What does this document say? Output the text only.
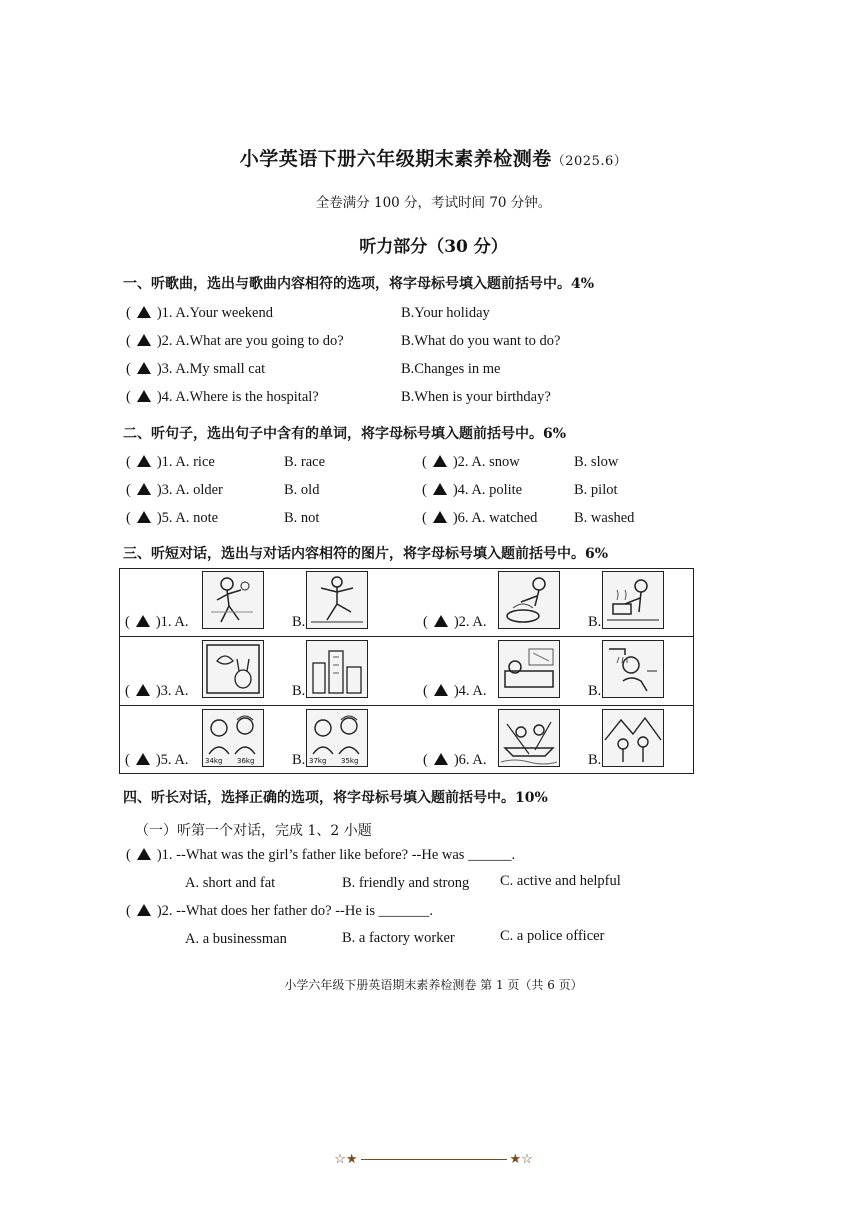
小学英语下册六年级期末素养检测卷（2025.6）
全卷满分 100 分，考试时间 70 分钟。
听力部分（30 分）
一、听歌曲，选出与歌曲内容相符的选项，将字母标号填入题前括号中。4%
( )1. A.Your weekend	B.Your holiday
( )2. A.What are you going to do?	B.What do you want to do?
( )3. A.My small cat	B.Changes in me
( )4. A.Where is the hospital?	B.When is your birthday?
二、听句子，选出句子中含有的单词，将字母标号填入题前括号中。6%
( )1. A. rice	B. race	( )2. A. snow	B. slow
( )3. A. older	B. old	( )4. A. polite	B. pilot
( )5. A. note	B. not	( )6. A. watched	B. washed
三、听短对话，选出与对话内容相符的图片，将字母标号填入题前括号中。6%
( )1. A.	B.	( )2. A.	B.
( )3. A.	B.	( )4. A.	B.
( )5. A. 34kg 36kg	B. 37kg 35kg	( )6. A.	B.
四、听长对话，选择正确的选项，将字母标号填入题前括号中。10%
（一）听第一个对话，完成 1、2 小题
( )1. --What was the girl’s father like before? --He was ______.
A. short and fat	B. friendly and strong C. active and helpful
( )2. --What does her father do? --He is _______.
A. a businessman	B. a factory worker	C. a police officer
小学六年级下册英语期末素养检测卷 第 1 页（共 6 页）
☆★	★☆
